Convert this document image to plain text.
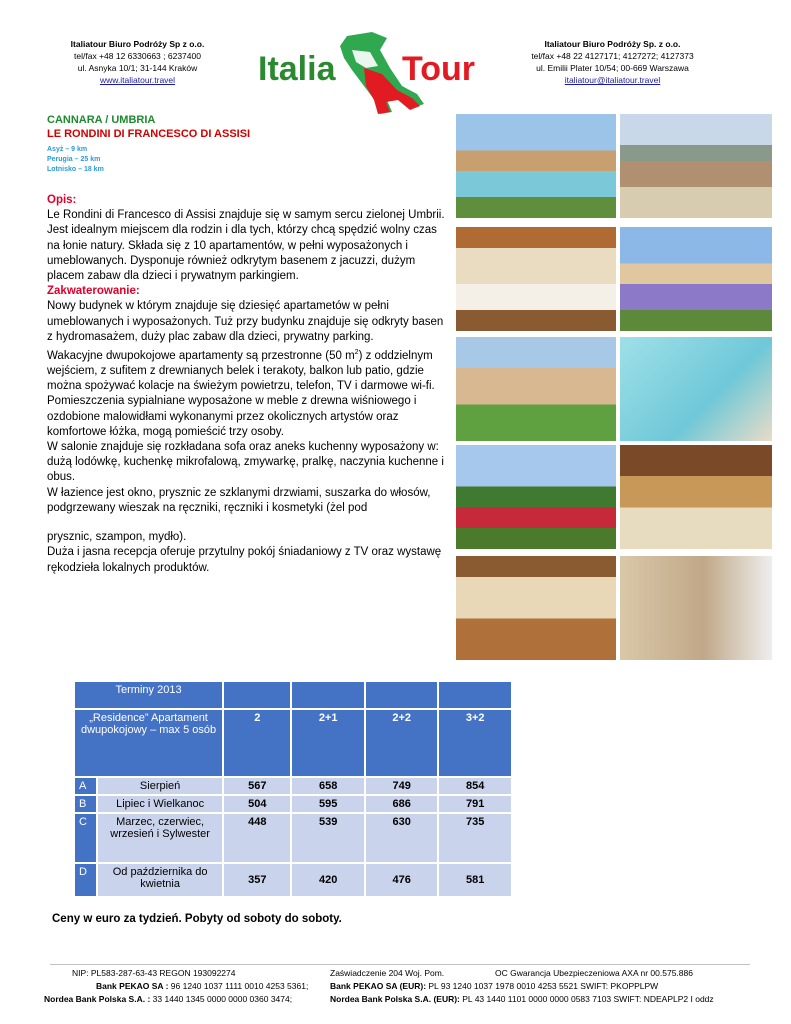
Italiatour Biuro Podróży Sp z o.o.
tel/fax +48 12 6330663 ; 6237400
ul. Asnyka 10/1; 31-144 Kraków
www.italiatour.travel	Italia Tour
Italiatour Biuro Podróży Sp. z o.o.
tel/fax +48 22 4127171; 4127272; 4127373
ul. Emilii Plater 10/54; 00-669 Warszawa
italiatour@italiatour.travel
CANNARA / UMBRIA
LE RONDINI DI FRANCESCO DI ASSISI
Asyż – 9 km
Perugia – 25 km
Lotnisko – 18 km

Opis:

Le Rondini di Francesco di Assisi znajduje się w samym sercu zielonej Umbrii. Jest idealnym miejscem dla rodzin i dla tych, którzy chcą spędzić wolny czas na łonie natury. Składa się z 10 apartamentów, w pełni wyposażonych i umeblowanych. Dysponuje również odkrytym basenem z jacuzzi, dużym placem zabaw dla dzieci i prywatnym parkingiem.

Zakwaterowanie:

Nowy budynek w którym znajduje się dziesięć apartametów w pełni umeblowanych i wyposażonych. Tuż przy budynku znajduje się odkryty basen z hydromasażem, duży plac zabaw dla dzieci, prywatny parking.

Wakacyjne dwupokojowe apartamenty są przestronne (50 $m^2$) z oddzielnym wejściem, z sufitem z drewnianych belek i terakoty, balkon lub patio, gdzie można spożywać kolacje na świeżym powietrzu, telefon, TV i darmowe wi-fi.

Pomieszczenia sypialniane wyposażone w meble z drewna wiśniowego i ozdobione malowidłami wykonanymi przez okolicznych artystów oraz komfortowe łóżka, mogą pomieścić trzy osoby.

W salonie znajduje się rozkładana sofa oraz aneks kuchenny wyposażony w: dużą lodówkę, kuchenkę mikrofalową, zmywarkę, pralkę, naczynia kuchenne i obus.

W łazience jest okno, prysznic ze szklanymi drzwiami, suszarka do włosów, podgrzewany wieszak na ręczniki, ręczniki i kosmetyki (żel pod

prysznic, szampon, mydło).

Duża i jasna recepcja oferuje przytulny pokój śniadaniowy z TV oraz wystawę rękodzieła lokalnych produktów.

Terminy 2013					
„Residence” Apartament dwupokojowy – max 5 osób		2	2+1	2+2	3+2
A	Sierpień	567	658	749	854
B	Lipiec i Wielkanoc	504	595	686	791
C	Marzec, czerwiec, wrzesień i Sylwester	448	539	630	735
D	Od października do kwietnia	357	420	476	581
Ceny w euro za tydzień. Pobyty od soboty do soboty.
NIP: PL583-287-63-43 REGON 193092274	Zaświadczenie 204 Woj. Pom.	OC Gwarancja Ubezpieczeniowa AXA nr 00.575.886
Bank PEKAO SA : 96 1240 1037 1111 0010 4253 5361;	Bank PEKAO SA (EUR): PL 93 1240 1037 1978 0010 4253 5521 SWIFT: PKOPPLPW
Nordea Bank Polska S.A. : 33 1440 1345 0000 0000 0360 3474;	Nordea Bank Polska S.A. (EUR): PL 43 1440 1101 0000 0000 0583 7103 SWIFT: NDEAPLP2 I oddz
